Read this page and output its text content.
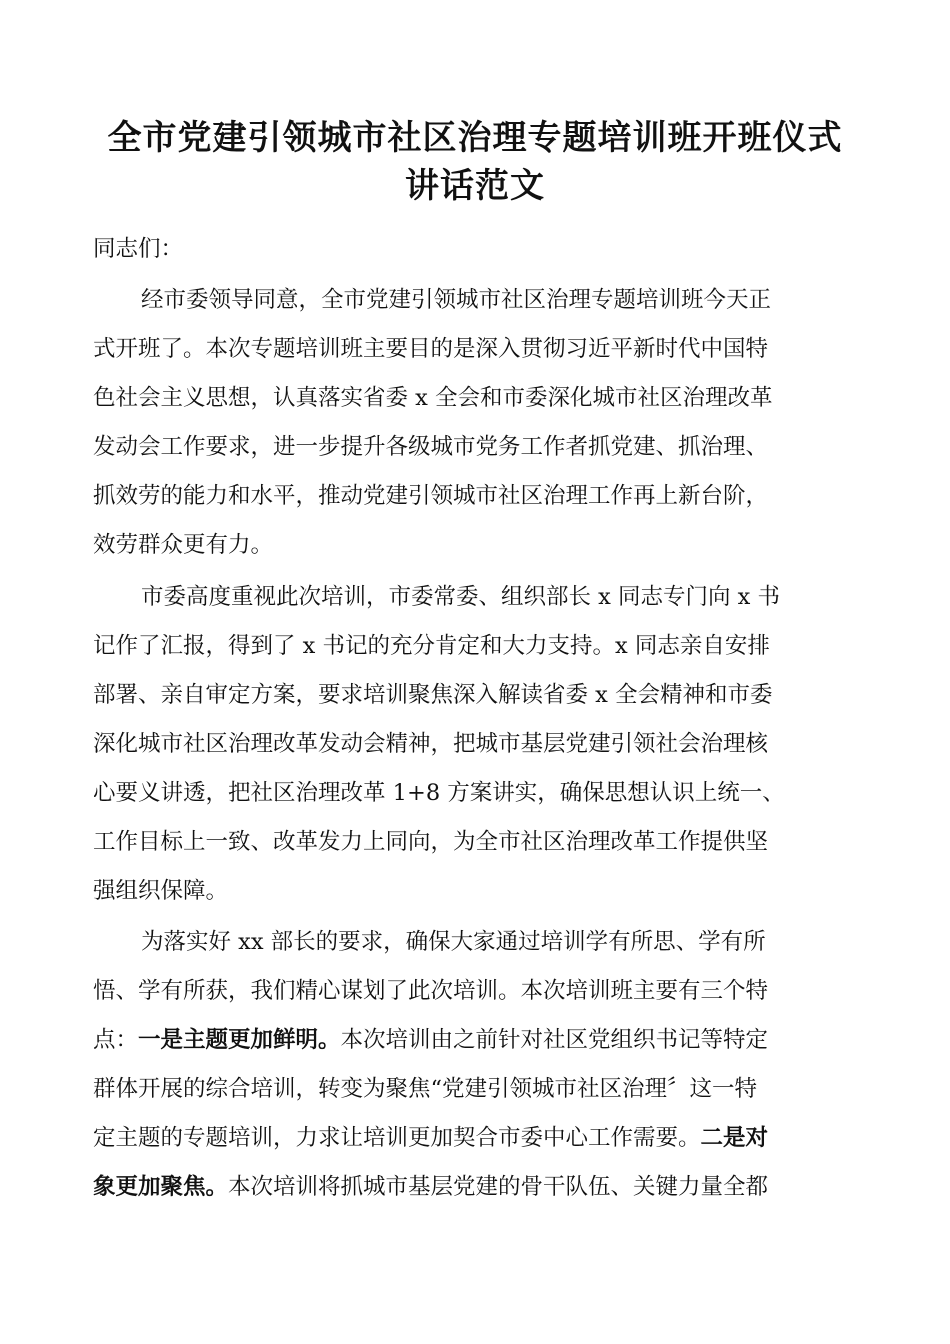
全市党建引领城市社区治理专题培训班开班仪式
讲话范文
同志们：
经市委领导同意，全市党建引领城市社区治理专题培训班今天正
式开班了。本次专题培训班主要目的是深入贯彻习近平新时代中国特
色社会主义思想，认真落实省委 x 全会和市委深化城市社区治理改革
发动会工作要求，进一步提升各级城市党务工作者抓党建、抓治理、
抓效劳的能力和水平，推动党建引领城市社区治理工作再上新台阶，
效劳群众更有力。
市委高度重视此次培训，市委常委、组织部长 x 同志专门向 x 书
记作了汇报，得到了 x 书记的充分肯定和大力支持。x 同志亲自安排
部署、亲自审定方案，要求培训聚焦深入解读省委 x 全会精神和市委
深化城市社区治理改革发动会精神，把城市基层党建引领社会治理核
心要义讲透，把社区治理改革 1+8 方案讲实，确保思想认识上统一、
工作目标上一致、改革发力上同向，为全市社区治理改革工作提供坚
强组织保障。
为落实好 xx 部长的要求，确保大家通过培训学有所思、学有所
悟、学有所获，我们精心谋划了此次培训。本次培训班主要有三个特
点：一是主题更加鲜明。本次培训由之前针对社区党组织书记等特定
群体开展的综合培训，转变为聚焦“党建引领城市社区治理〞这一特
定主题的专题培训，力求让培训更加契合市委中心工作需要。二是对
象更加聚焦。本次培训将抓城市基层党建的骨干队伍、关键力量全都
